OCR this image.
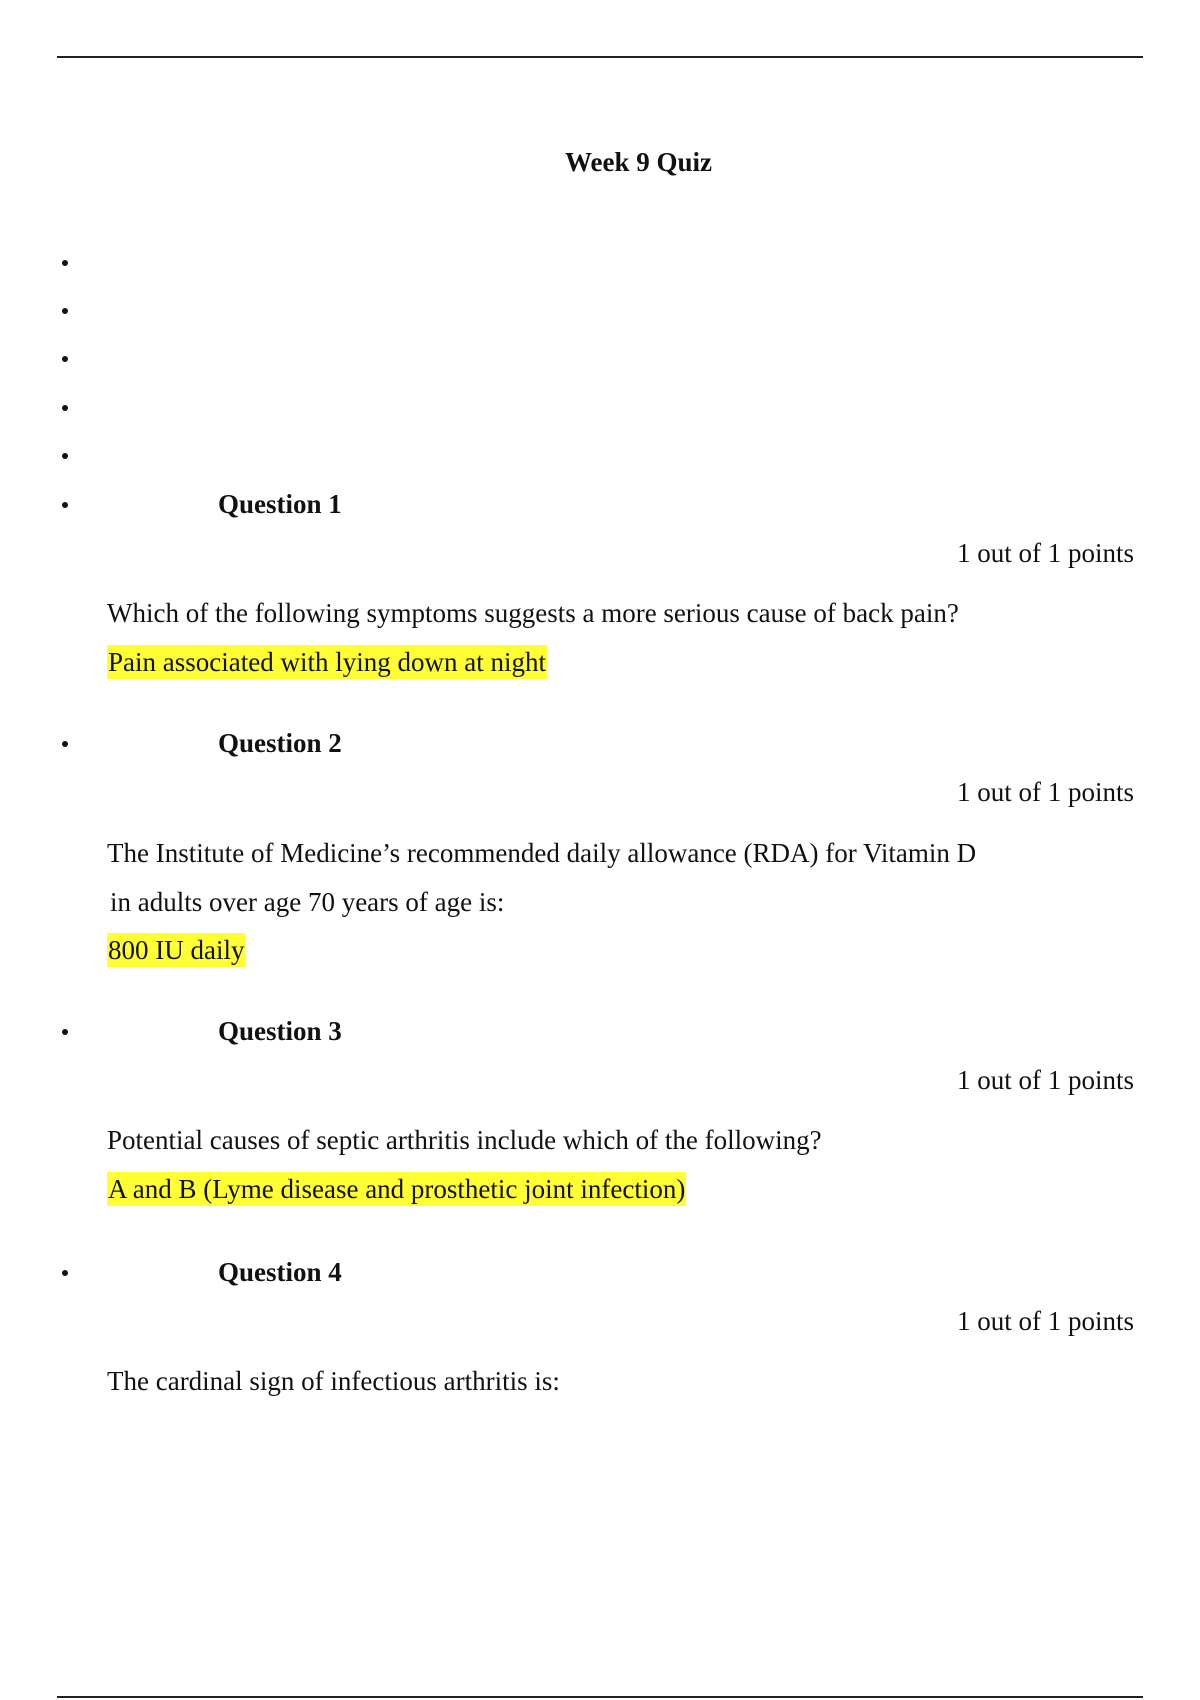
Week 9 Quiz
Question 1
1 out of 1 points
Which of the following symptoms suggests a more serious cause of back pain?
Pain associated with lying down at night
Question 2
1 out of 1 points
The Institute of Medicine’s recommended daily allowance (RDA) for Vitamin D
in adults over age 70 years of age is:
800 IU daily
Question 3
1 out of 1 points
Potential causes of septic arthritis include which of the following?
A and B (Lyme disease and prosthetic joint infection)
Question 4
1 out of 1 points
The cardinal sign of infectious arthritis is:
